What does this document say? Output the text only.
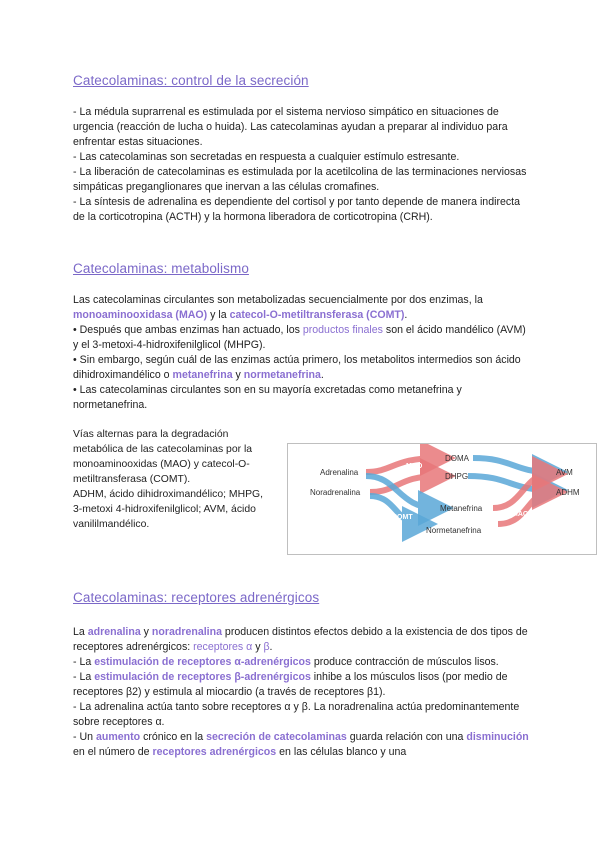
Catecolaminas: control de la secreción

- La médula suprarrenal es estimulada por el sistema nervioso simpático en situaciones de urgencia (reacción de lucha o huida). Las catecolaminas ayudan a preparar al individuo para enfrentar estas situaciones.

- Las catecolaminas son secretadas en respuesta a cualquier estímulo estresante.

- La liberación de catecolaminas es estimulada por la acetilcolina de las terminaciones nerviosas simpáticas preganglionares que inervan a las células cromafines.

- La síntesis de adrenalina es dependiente del cortisol y por tanto depende de manera indirecta de la corticotropina (ACTH) y la hormona liberadora de corticotropina (CRH).

Catecolaminas: metabolismo

Las catecolaminas circulantes son metabolizadas secuencialmente por dos enzimas, la monoaminooxidasa (MAO) y la catecol-O-metiltransferasa (COMT).

• Después que ambas enzimas han actuado, los productos finales son el ácido mandélico (AVM) y el 3-metoxi-4-hidroxifenilglicol (MHPG).

• Sin embargo, según cuál de las enzimas actúa primero, los metabolitos intermedios son ácido dihidroximandélico o metanefrina y normetanefrina.

• Las catecolaminas circulantes son en su mayoría excretadas como metanefrina y normetanefrina.

Vías alternas para la degradación metabólica de las catecolaminas por la monoaminooxidas (MAO) y catecol-O-metiltransferasa (COMT).

ADHM, ácido dihidroximandélico; MHPG, 3-metoxi 4-hidroxifenilglicol; AVM, ácido vanililmandélico.

MAO
COMT
COMT	MAO
Adrenalina
Noradrenalina
DOMA
DHPG
Metanefrina
Normetanefrina
AVM
ADHM
Catecolaminas: receptores adrenérgicos

La adrenalina y noradrenalina producen distintos efectos debido a la existencia de dos tipos de receptores adrenérgicos: receptores α y β.

- La estimulación de receptores α-adrenérgicos produce contracción de músculos lisos.

- La estimulación de receptores β-adrenérgicos inhibe a los músculos lisos (por medio de receptores β2) y estimula al miocardio (a través de receptores β1).

- La adrenalina actúa tanto sobre receptores α y β. La noradrenalina actúa predominantemente sobre receptores α.

- Un aumento crónico en la secreción de catecolaminas guarda relación con una disminución en el número de receptores adrenérgicos en las células blanco y una
